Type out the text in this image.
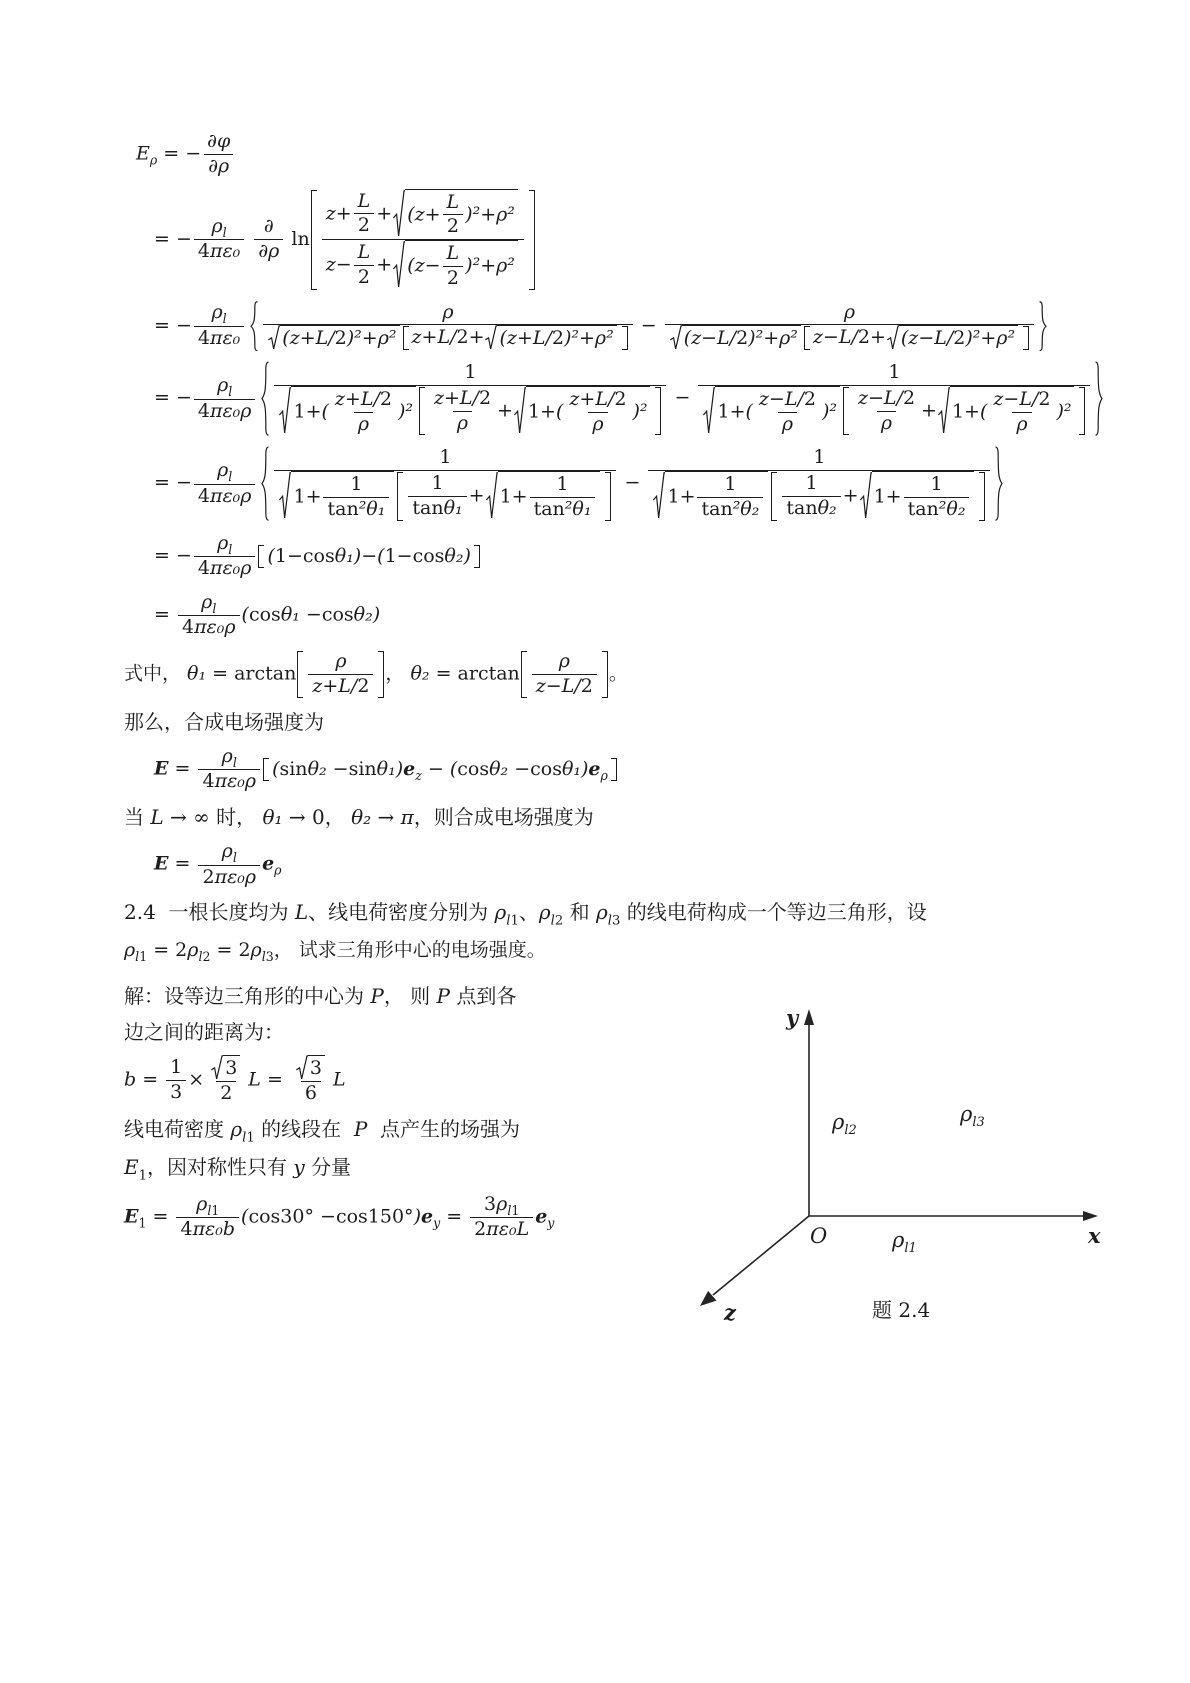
$E_\rho$ = − $\frac{\partial\varphi}{\partial\rho}$
= − $\frac{\rho_l}{\text{4πε₀}}$
$\frac{\partial}{\partial\rho}$ $\ln \frac{z+ \frac{L}{2} + (z+ \frac{L}{2} )^2+\rho^2}{z- \frac{L}{2} + (z- \frac{L}{2} )^2+\rho^2}$
= − $\frac{\rho_l}{\text{4πε₀}} \frac{\rho}{\text{(z+L/2)²+ρ² z+L/2+ (z+L/2)²+ρ²}} - \frac{\rho}{\text{(z−L/2)²+ρ² z−L/2+ (z−L/2)²+ρ²}}$
= − $\frac{\rho_l}{\text{4πε₀ρ}} \frac{1}{1+( \frac{z+L/2}{\rho} )^2 \frac{z+L/2}{\rho} + 1+( \frac{z+L/2}{\rho} )^2} - \frac{1}{1+( \frac{z-L/2}{\rho} )^2 \frac{z-L/2}{\rho} + 1+( \frac{z-L/2}{\rho} )^2}$
= − $\frac{\rho_l}{\text{4πε₀ρ}} \frac{1}{1+ \frac{1}{\text{tan²θ₁}} \frac{1}{\text{tanθ₁}} + 1+ \frac{1}{\text{tan²θ₁}}} - \frac{1}{1+ \frac{1}{\text{tan²θ₂}} \frac{1}{\text{tanθ₂}} + 1+ \frac{1}{\text{tan²θ₂}}}$
= − $\frac{\rho_l}{\text{4πε₀ρ}} (1-\cos\theta_1)-(1-\cos\theta_2)$
= $\frac{\rho_l}{\text{4πε₀ρ}} (\cos\theta_1 -\cos\theta_2)$
式中， $\theta_1 = \arctan \frac{\rho}{z+L/2}$ ， $\theta_2 = \arctan \frac{\rho}{z-L/2}$ 。
那么，合成电场强度为
$E = \frac{\rho_l}{\text{4πε₀ρ}} (\sin\theta_2 -\sin\theta_1)e_z - (\cos\theta_2 -\cos\theta_1)e_\rho$
当 L → ∞ 时， θ₁ → 0， θ₂ → π，则合成电场强度为
$E = \frac{\rho_l}{\text{2πε₀ρ}} e_\rho$
2.4  一根长度均为 L、线电荷密度分别为 $\rho_{l1}$、$\rho_{l2}$ 和 $\rho_{l3}$ 的线电荷构成一个等边三角形，设
$\rho_{l1} = 2\rho_{l2} = 2\rho_{l3}$， 试求三角形中心的电场强度。
解：设等边三角形的中心为 P， 则 P 点到各
边之间的距离为：
$b = \frac{1}{3} \times \frac{3}{2}$ $L = \frac{3}{6}$ L
线电荷密度 $\rho_{l1}$ 的线段在  P  点产生的场强为
$E_1$，因对称性只有 y 分量
$E_1 = \frac{\rho_{l1}}{\text{4πε₀b}} (\cos 30^\circ -\cos 150^\circ)e_y = \frac{3\rho_{l1}}{\text{2πε₀L}} e_y$
y
x
z
O
$\rho_{l2}$
$\rho_{l3}$
$\rho_{l1}$
题 2.4
